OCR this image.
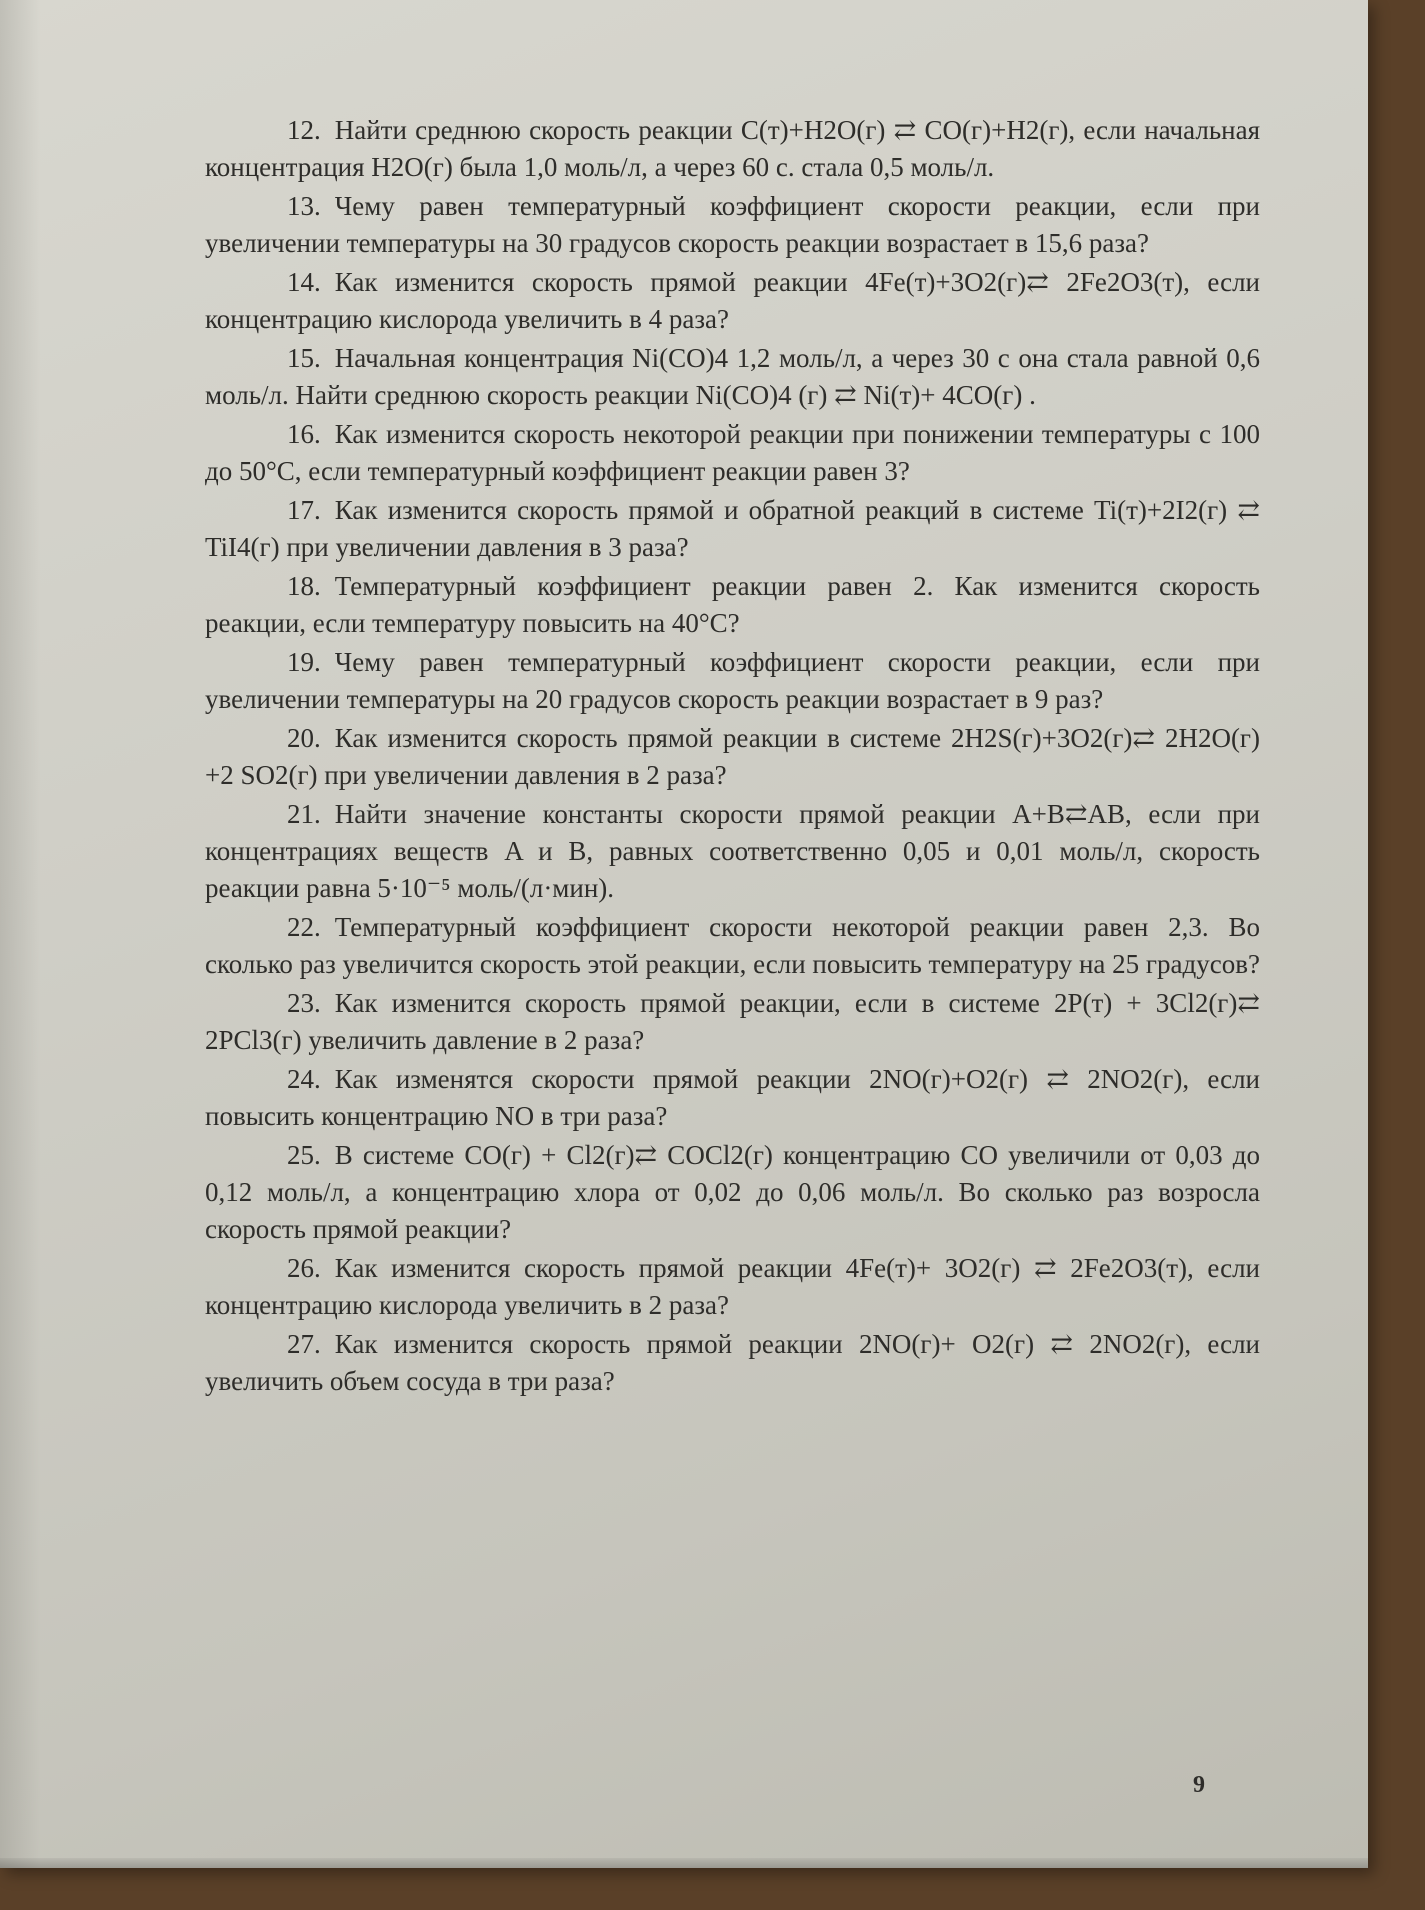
12. Найти среднюю скорость реакции C(т)+H2O(г) ⇄ CO(г)+H2(г), если начальная концентрация H2O(г) была 1,0 моль/л, а через 60 с. стала 0,5 моль/л.

13. Чему равен температурный коэффициент скорости реакции, если при увеличении температуры на 30 градусов скорость реакции возрастает в 15,6 раза?

14. Как изменится скорость прямой реакции 4Fe(т)+3O2(г)⇄ 2Fe2O3(т), если концентрацию кислорода увеличить в 4 раза?

15. Начальная концентрация Ni(CO)4 1,2 моль/л, а через 30 с она стала равной 0,6 моль/л. Найти среднюю скорость реакции Ni(CO)4 (г) ⇄ Ni(т)+ 4CO(г) .

16. Как изменится скорость некоторой реакции при понижении температуры с 100 до 50°С, если температурный коэффициент реакции равен 3?

17. Как изменится скорость прямой и обратной реакций в системе Ti(т)+2I2(г) ⇄ TiI4(г) при увеличении давления в 3 раза?

18. Температурный коэффициент реакции равен 2. Как изменится скорость реакции, если температуру повысить на 40°С?

19. Чему равен температурный коэффициент скорости реакции, если при увеличении температуры на 20 градусов скорость реакции возрастает в 9 раз?

20. Как изменится скорость прямой реакции в системе 2H2S(г)+3O2(г)⇄ 2H2O(г) +2 SO2(г) при увеличении давления в 2 раза?

21. Найти значение константы скорости прямой реакции A+B⇄AB, если при концентрациях веществ A и B, равных соответственно 0,05 и 0,01 моль/л, скорость реакции равна 5·10⁻⁵ моль/(л·мин).

22. Температурный коэффициент скорости некоторой реакции равен 2,3. Во сколько раз увеличится скорость этой реакции, если повысить температуру на 25 градусов?

23. Как изменится скорость прямой реакции, если в системе 2P(т) + 3Cl2(г)⇄ 2PCl3(г) увеличить давление в 2 раза?

24. Как изменятся скорости прямой реакции 2NO(г)+O2(г) ⇄ 2NO2(г), если повысить концентрацию NO в три раза?

25. В системе CO(г) + Cl2(г)⇄ COCl2(г) концентрацию CO увеличили от 0,03 до 0,12 моль/л, а концентрацию хлора от 0,02 до 0,06 моль/л. Во сколько раз возросла скорость прямой реакции?

26. Как изменится скорость прямой реакции 4Fe(т)+ 3O2(г) ⇄ 2Fe2O3(т), если концентрацию кислорода увеличить в 2 раза?

27. Как изменится скорость прямой реакции 2NO(г)+ O2(г) ⇄ 2NO2(г), если увеличить объем сосуда в три раза?

9
